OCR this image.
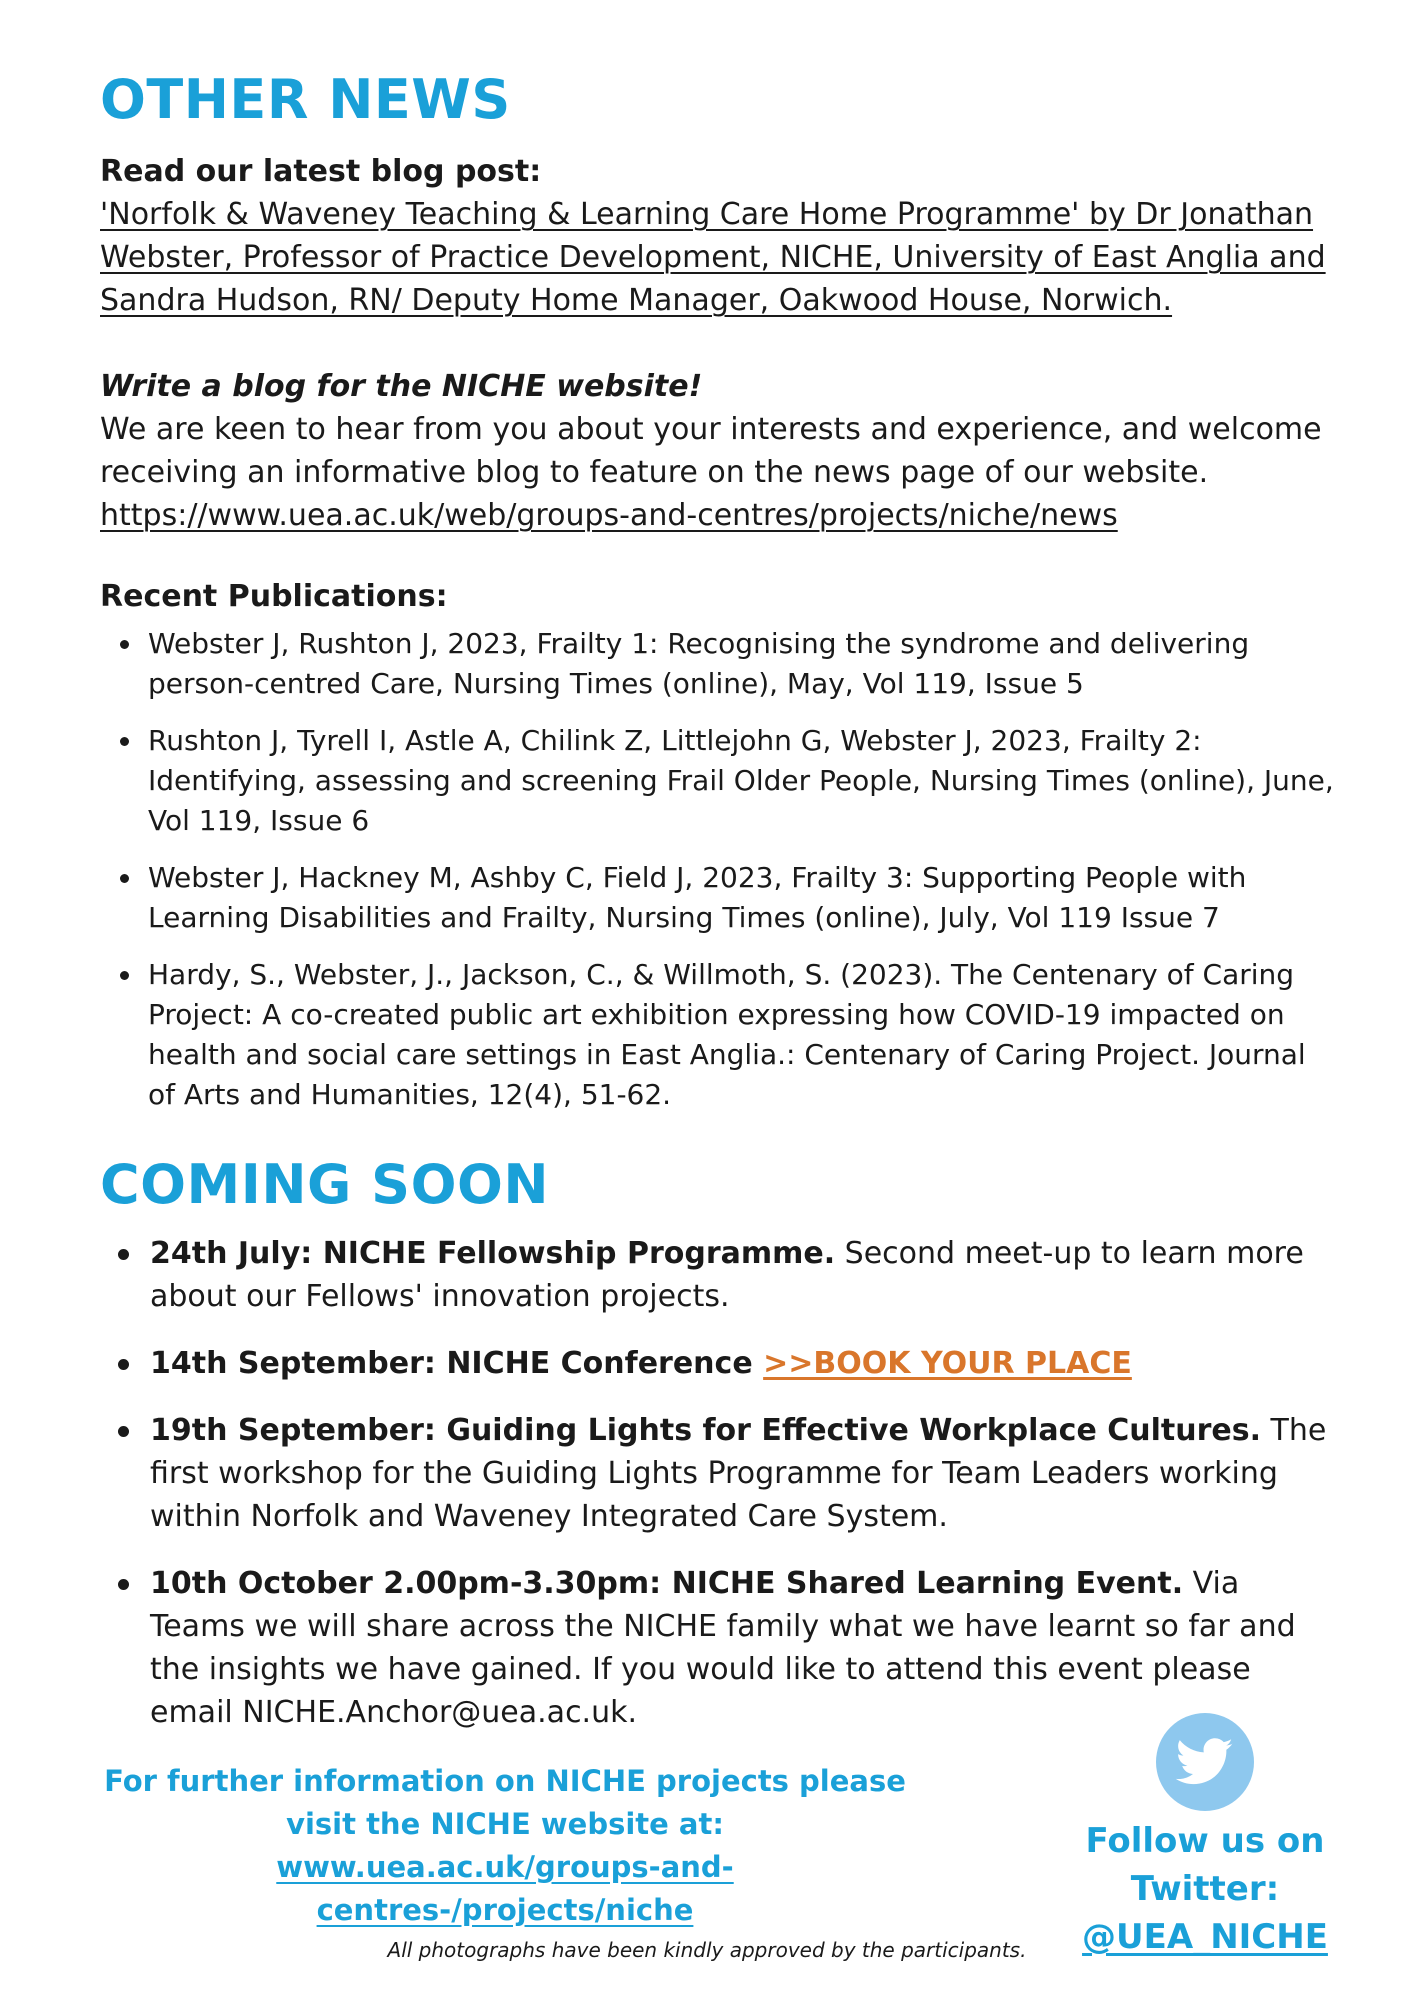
OTHER NEWS

Read our latest blog post:

'Norfolk & Waveney Teaching & Learning Care Home Programme' by Dr Jonathan Webster, Professor of Practice Development, NICHE, University of East Anglia and Sandra Hudson, RN/ Deputy Home Manager, Oakwood House, Norwich.

Write a blog for the NICHE website!

We are keen to hear from you about your interests and experience, and welcome receiving an informative blog to feature on the news page of our website.

https://www.uea.ac.uk/web/groups-and-centres/projects/niche/news

Recent Publications:

Webster J, Rushton J, 2023, Frailty 1: Recognising the syndrome and delivering person-centred Care, Nursing Times (online), May, Vol 119, Issue 5
Rushton J, Tyrell I, Astle A, Chilink Z, Littlejohn G, Webster J, 2023, Frailty 2: Identifying, assessing and screening Frail Older People, Nursing Times (online), June, Vol 119, Issue 6
Webster J, Hackney M, Ashby C, Field J, 2023, Frailty 3: Supporting People with Learning Disabilities and Frailty, Nursing Times (online), July, Vol 119 Issue 7
Hardy, S., Webster, J., Jackson, C., & Willmoth, S. (2023). The Centenary of Caring Project: A co-created public art exhibition expressing how COVID-19 impacted on health and social care settings in East Anglia.: Centenary of Caring Project. Journal of Arts and Humanities, 12(4), 51-62.
COMING SOON
24th July: NICHE Fellowship Programme. Second meet-up to learn more about our Fellows' innovation projects.
14th September: NICHE Conference >>BOOK YOUR PLACE
19th September: Guiding Lights for Effective Workplace Cultures. The first workshop for the Guiding Lights Programme for Team Leaders working within Norfolk and Waveney Integrated Care System.
10th October 2.00pm-3.30pm: NICHE Shared Learning Event. Via Teams we will share across the NICHE family what we have learnt so far and the insights we have gained. If you would like to attend this event please email NICHE.Anchor@uea.ac.uk.
For further information on NICHE projects please
visit the NICHE website at:
www.uea.ac.uk/groups-and-centres-/projects/niche
Follow us on Twitter:
@UEA_NICHE
All photographs have been kindly approved by the participants.
